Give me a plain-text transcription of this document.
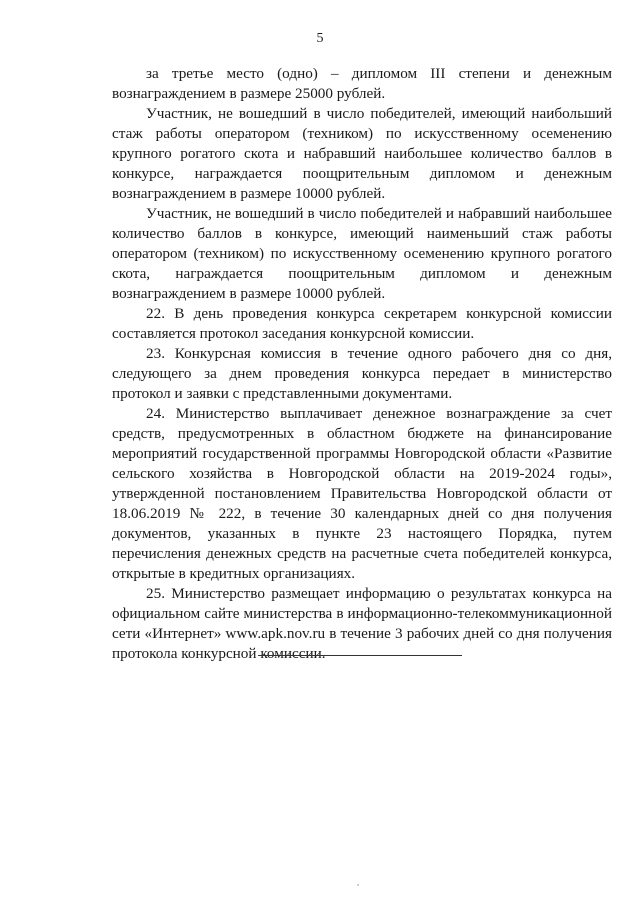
5

за третье место (одно) – дипломом III степени и денежным вознаграждением в размере 25000 рублей.

Участник, не вошедший в число победителей, имеющий наибольший стаж работы оператором (техником) по искусственному осеменению крупного рогатого скота и набравший наибольшее количество баллов в конкурсе, награждается поощрительным дипломом и денежным вознаграждением в размере 10000 рублей.

Участник, не вошедший в число победителей и набравший наибольшее количество баллов в конкурсе, имеющий наименьший стаж работы оператором (техником) по искусственному осеменению крупного рогатого скота, награждается поощрительным дипломом и денежным вознаграждением в размере 10000 рублей.

22. В день проведения конкурса секретарем конкурсной комиссии составляется протокол заседания конкурсной комиссии.

23. Конкурсная комиссия в течение одного рабочего дня со дня, следующего за днем проведения конкурса передает в министерство протокол и заявки с представленными документами.

24. Министерство выплачивает денежное вознаграждение за счет средств, предусмотренных в областном бюджете на финансирование мероприятий государственной программы Новгородской области «Развитие сельского хозяйства в Новгородской области на 2019-2024 годы», утвержденной постановлением Правительства Новгородской области от 18.06.2019 № 222, в течение 30 календарных дней со дня получения документов, указанных в пункте 23 настоящего Порядка, путем перечисления денежных средств на расчетные счета победителей конкурса, открытые в кредитных организациях.

25. Министерство размещает информацию о результатах конкурса на официальном сайте министерства в информационно-телекоммуникационной сети «Интернет» www.apk.nov.ru в течение 3 рабочих дней со дня получения протокола конкурсной комиссии.
